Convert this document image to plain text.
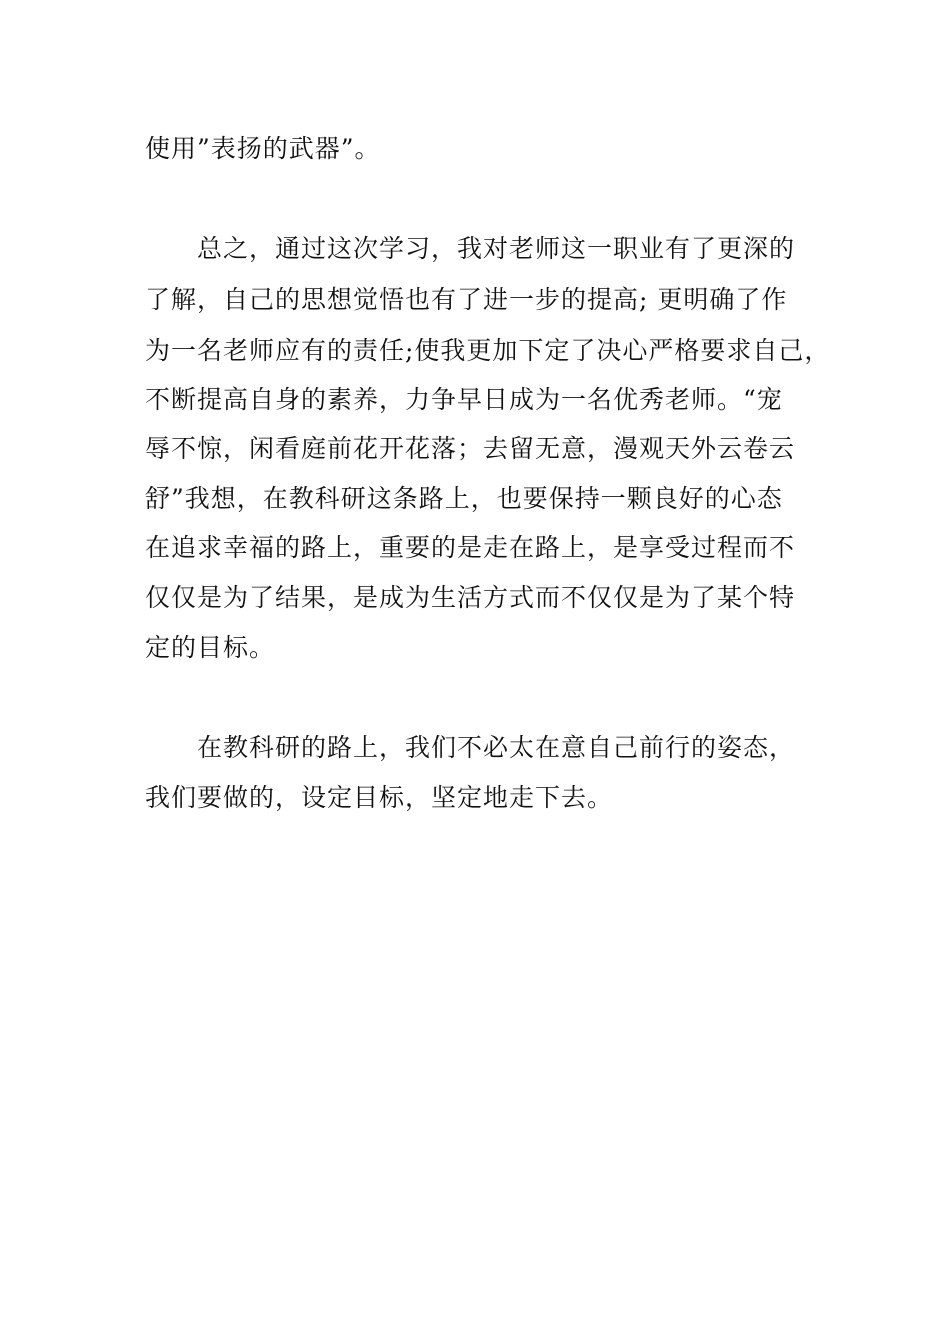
使用”表扬的武器”。
　　总之，通过这次学习，我对老师这一职业有了更深的
了解，自己的思想觉悟也有了进一步的提高; 更明确了作
为一名老师应有的责任;使我更加下定了决心严格要求自己，
不断提高自身的素养，力争早日成为一名优秀老师。“宠
辱不惊，闲看庭前花开花落；去留无意，漫观天外云卷云
舒”我想，在教科研这条路上，也要保持一颗良好的心态
在追求幸福的路上，重要的是走在路上，是享受过程而不
仅仅是为了结果，是成为生活方式而不仅仅是为了某个特
定的目标。
　　在教科研的路上，我们不必太在意自己前行的姿态，
我们要做的，设定目标，坚定地走下去。
